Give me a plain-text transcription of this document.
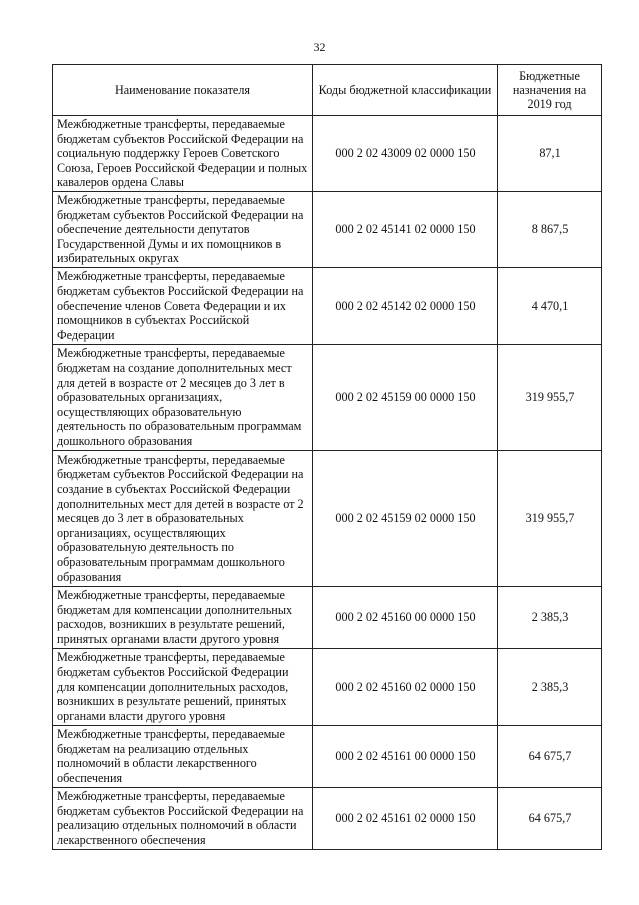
32
Наименование показателя	Коды бюджетной классификации	Бюджетные назначения на 2019 год
Межбюджетные трансферты, передаваемые бюджетам субъектов Российской Федерации на социальную поддержку Героев Советского Союза, Героев Российской Федерации и полных кавалеров ордена Славы	000 2 02 43009 02 0000 150	87,1
Межбюджетные трансферты, передаваемые бюджетам субъектов Российской Федерации на обеспечение деятельности депутатов Государственной Думы и их помощников в избирательных округах	000 2 02 45141 02 0000 150	8 867,5
Межбюджетные трансферты, передаваемые бюджетам субъектов Российской Федерации на обеспечение членов Совета Федерации и их помощников в субъектах Российской Федерации	000 2 02 45142 02 0000 150	4 470,1
Межбюджетные трансферты, передаваемые бюджетам на создание дополнительных мест для детей в возрасте от 2 месяцев до 3 лет в образовательных организациях, осуществляющих образовательную деятельность по образовательным программам дошкольного образования	000 2 02 45159 00 0000 150	319 955,7
Межбюджетные трансферты, передаваемые бюджетам субъектов Российской Федерации на создание в субъектах Российской Федерации дополнительных мест для детей в возрасте от 2 месяцев до 3 лет в образовательных организациях, осуществляющих образовательную деятельность по образовательным программам дошкольного образования	000 2 02 45159 02 0000 150	319 955,7
Межбюджетные трансферты, передаваемые бюджетам для компенсации дополнительных расходов, возникших в результате решений, принятых органами власти другого уровня	000 2 02 45160 00 0000 150	2 385,3
Межбюджетные трансферты, передаваемые бюджетам субъектов Российской Федерации для компенсации дополнительных расходов, возникших в результате решений, принятых органами власти другого уровня	000 2 02 45160 02 0000 150	2 385,3
Межбюджетные трансферты, передаваемые бюджетам на реализацию отдельных полномочий в области лекарственного обеспечения	000 2 02 45161 00 0000 150	64 675,7
Межбюджетные трансферты, передаваемые бюджетам субъектов Российской Федерации на реализацию отдельных полномочий в области лекарственного обеспечения	000 2 02 45161 02 0000 150	64 675,7
